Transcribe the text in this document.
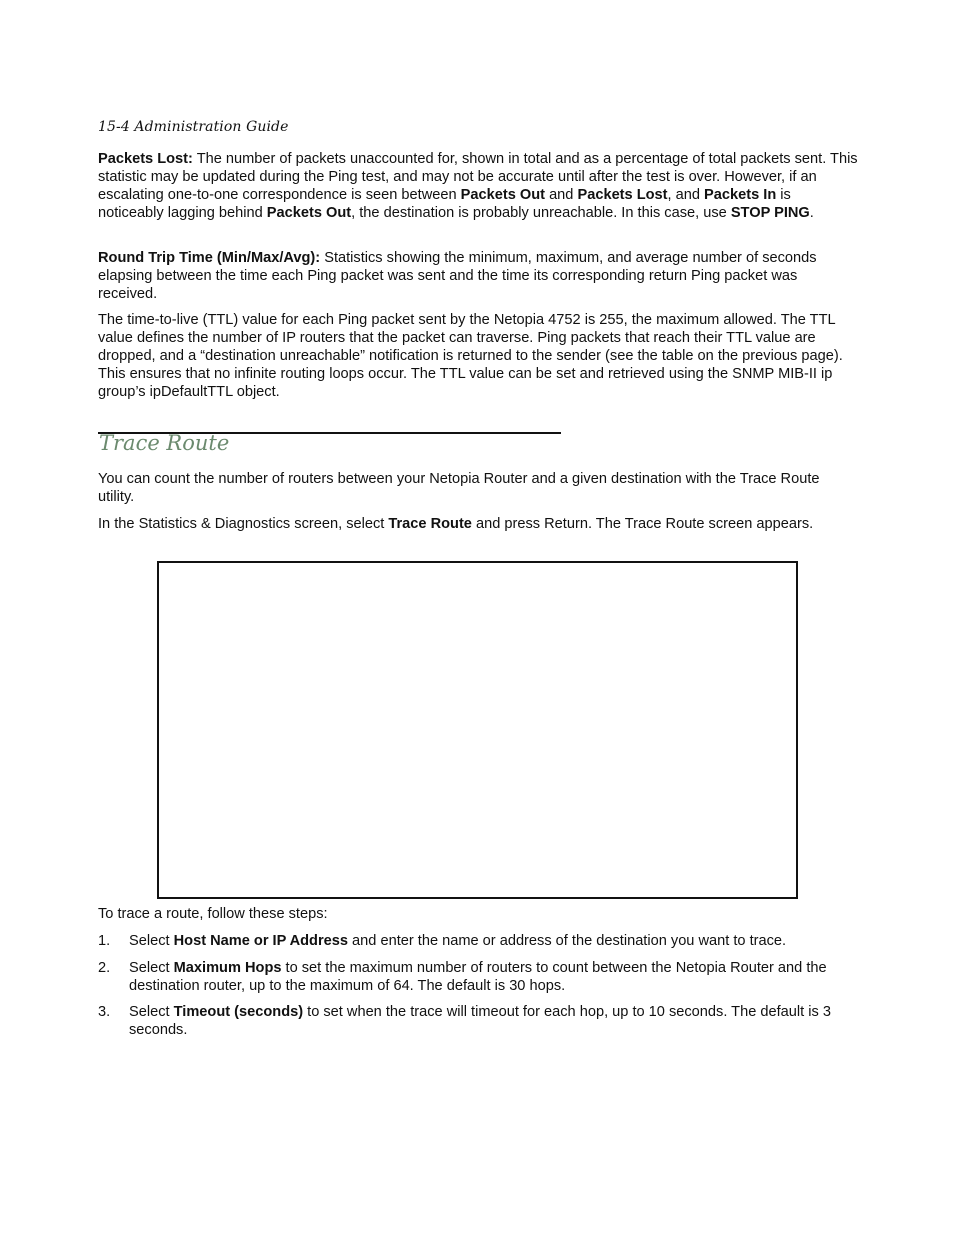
15-4 Administration Guide

Packets Lost: The number of packets unaccounted for, shown in total and as a percentage of total packets sent. This statistic may be updated during the Ping test, and may not be accurate until after the test is over. However, if an escalating one-to-one correspondence is seen between Packets Out and Packets Lost, and Packets In is noticeably lagging behind Packets Out, the destination is probably unreachable. In this case, use STOP PING.

Round Trip Time (Min/Max/Avg): Statistics showing the minimum, maximum, and average number of seconds elapsing between the time each Ping packet was sent and the time its corresponding return Ping packet was received.

The time-to-live (TTL) value for each Ping packet sent by the Netopia 4752 is 255, the maximum allowed. The TTL value defines the number of IP routers that the packet can traverse. Ping packets that reach their TTL value are dropped, and a “destination unreachable” notification is returned to the sender (see the table on the previous page). This ensures that no infinite routing loops occur. The TTL value can be set and retrieved using the SNMP MIB-II ip group’s ipDefaultTTL object.

Trace Route

You can count the number of routers between your Netopia Router and a given destination with the Trace Route utility.

In the Statistics & Diagnostics screen, select Trace Route and press Return. The Trace Route screen appears.

To trace a route, follow these steps:

1.	Select Host Name or IP Address and enter the name or address of the destination you want to trace.
2.	Select Maximum Hops to set the maximum number of routers to count between the Netopia Router and the destination router, up to the maximum of 64. The default is 30 hops.
3.	Select Timeout (seconds) to set when the trace will timeout for each hop, up to 10 seconds. The default is 3 seconds.
